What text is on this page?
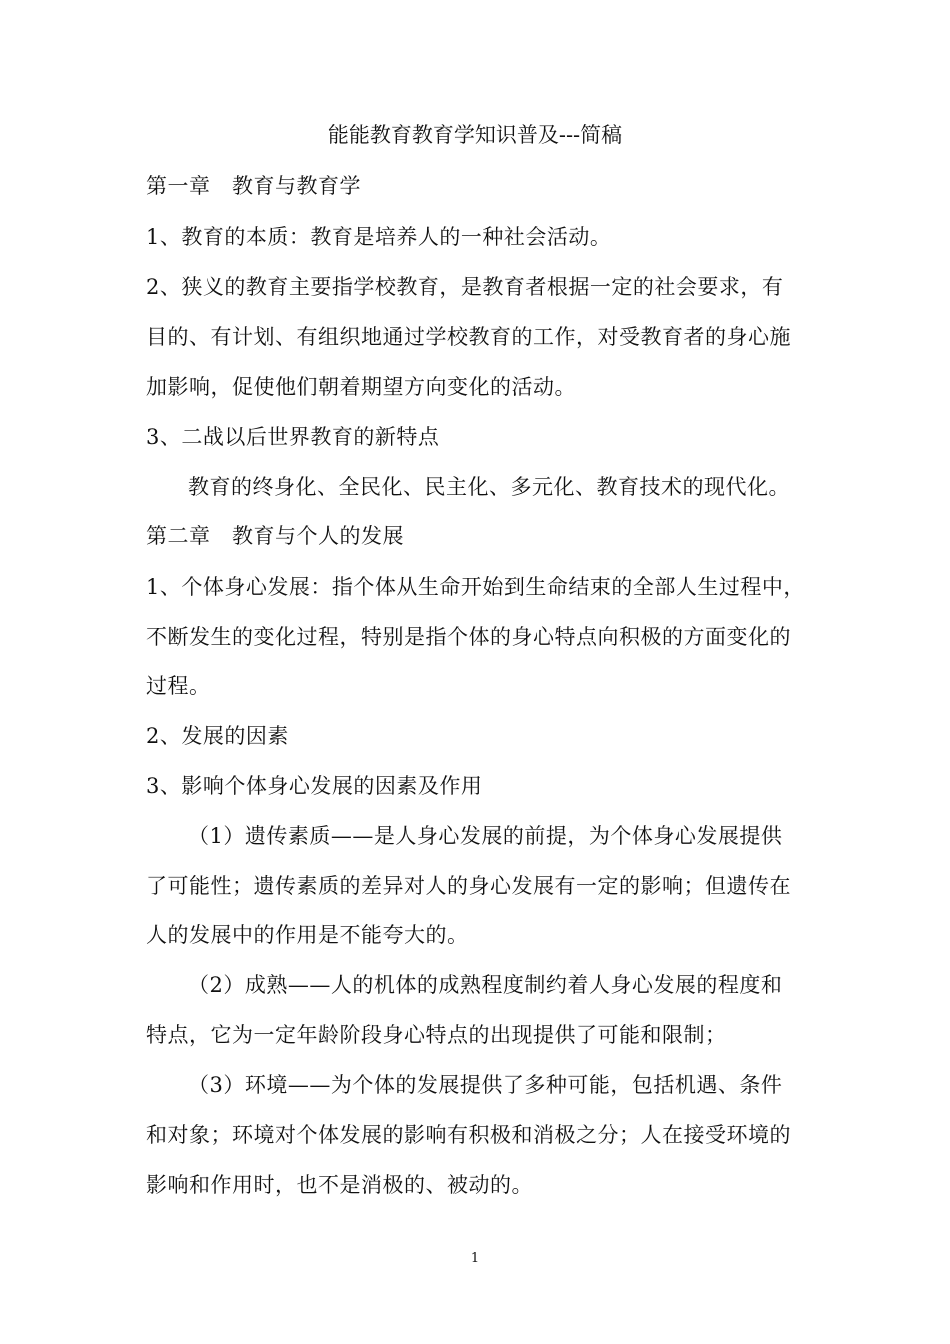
能能教育教育学知识普及---简稿
第一章　教育与教育学
1、教育的本质：教育是培养人的一种社会活动。
2、狭义的教育主要指学校教育，是教育者根据一定的社会要求，有
目的、有计划、有组织地通过学校教育的工作，对受教育者的身心施
加影响，促使他们朝着期望方向变化的活动。
3、二战以后世界教育的新特点
教育的终身化、全民化、民主化、多元化、教育技术的现代化。
第二章　教育与个人的发展
1、个体身心发展：指个体从生命开始到生命结束的全部人生过程中，
不断发生的变化过程，特别是指个体的身心特点向积极的方面变化的
过程。
2、发展的因素
3、影响个体身心发展的因素及作用
（1）遗传素质——是人身心发展的前提，为个体身心发展提供
了可能性；遗传素质的差异对人的身心发展有一定的影响；但遗传在
人的发展中的作用是不能夸大的。
（2）成熟——人的机体的成熟程度制约着人身心发展的程度和
特点，它为一定年龄阶段身心特点的出现提供了可能和限制；
（3）环境——为个体的发展提供了多种可能，包括机遇、条件
和对象；环境对个体发展的影响有积极和消极之分；人在接受环境的
影响和作用时，也不是消极的、被动的。
1
